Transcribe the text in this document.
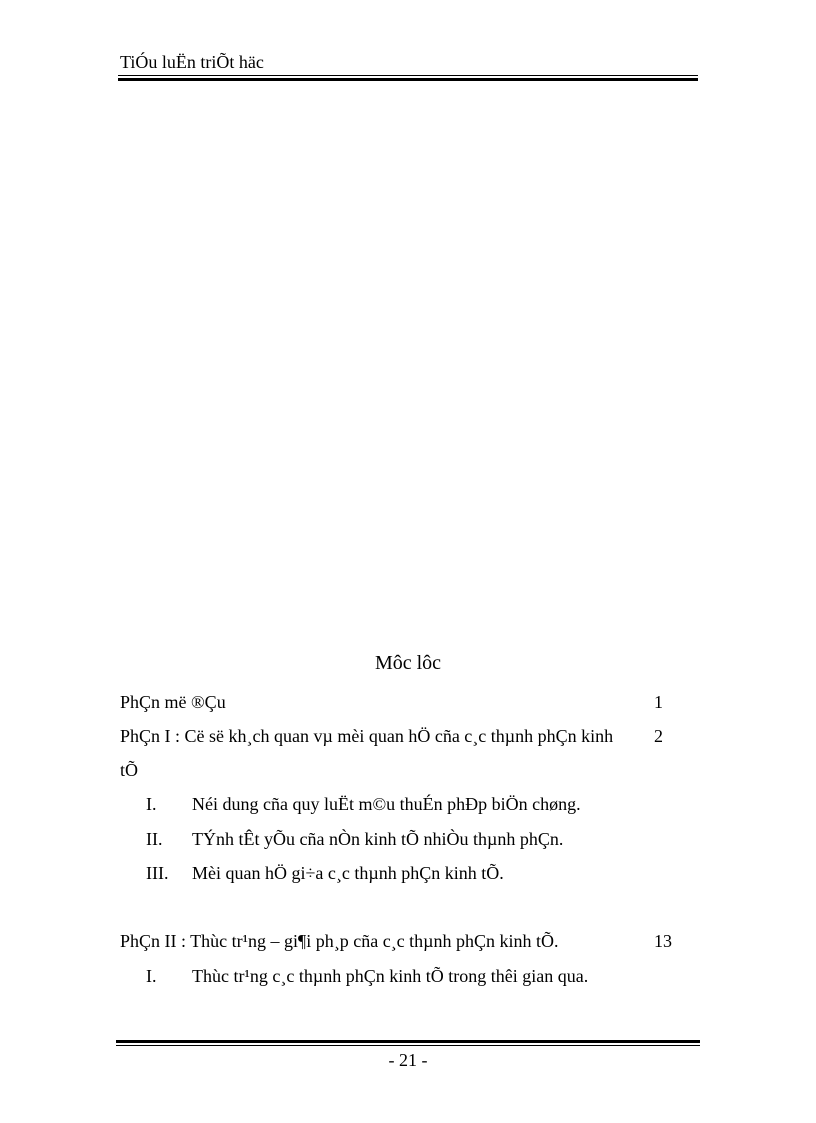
TiÓu luËn triÕt häc
Môc lôc
PhÇn më ®Çu	1
PhÇn I : Cë së kh¸ch quan vµ mèi quan hÖ cña c¸c thµnh phÇn kinh 2
tÕ
I. Néi dung cña quy luËt m©u thuÉn phÐp biÖn chøng.
II. TÝnh tÊt yÕu cña nÒn kinh tÕ nhiÒu thµnh phÇn.
III. Mèi quan hÖ gi÷a c¸c thµnh phÇn kinh tÕ.
PhÇn II : Thùc tr¹ng – gi¶i ph¸p cña c¸c thµnh phÇn kinh tÕ.	13
I. Thùc tr¹ng c¸c thµnh phÇn kinh tÕ trong thêi gian qua.
- 21 -
